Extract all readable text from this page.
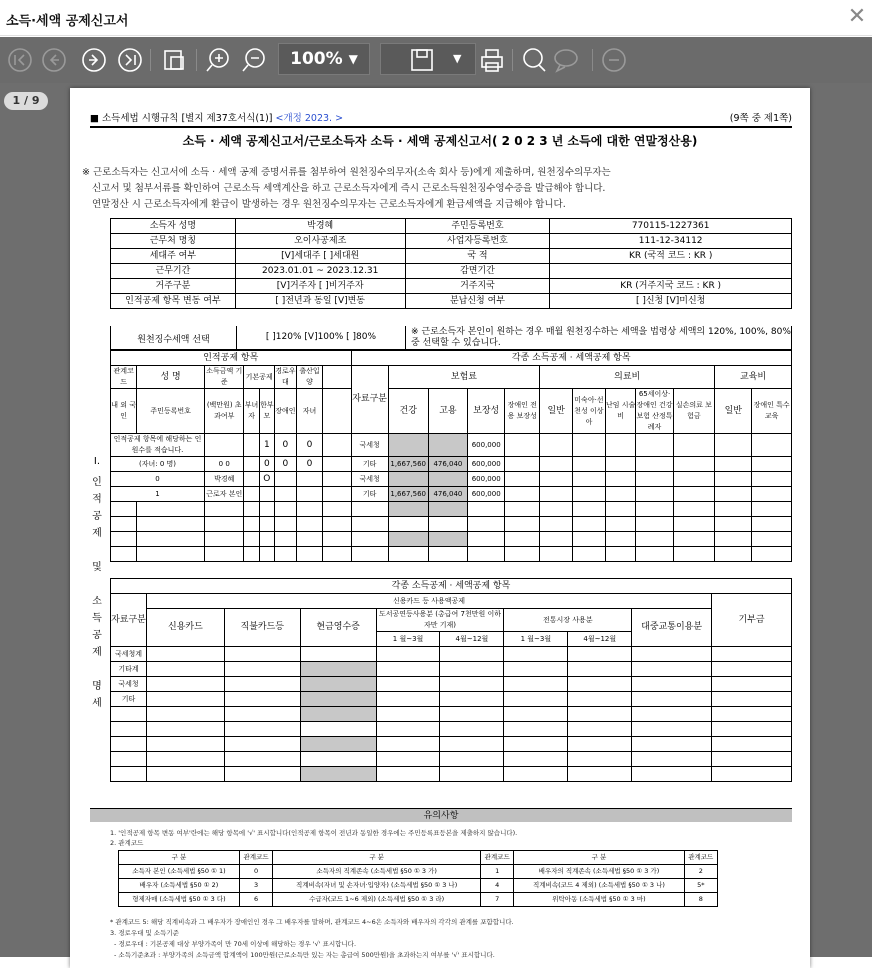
소득·세액 공제신고서	✕
100% ▼	▼
1 / 9
■ 소득세법 시행규칙 [별지 제37호서식(1)] <개정 2023. >	(9쪽 중 제1쪽)
소득 · 세액 공제신고서/근로소득자 소득 · 세액 공제신고서( 2 0 2 3 년 소득에 대한 연말정산용)
※ 근로소득자는 신고서에 소득 · 세액 공제 증명서류를 첨부하여 원천징수의무자(소속 회사 등)에게 제출하며, 원천징수의무자는
신고서 및 첨부서류를 확인하여 근로소득 세액계산을 하고 근로소득자에게 즉시 근로소득원천징수영수증을 발급해야 합니다.
연말정산 시 근로소득자에게 환급이 발생하는 경우 원천징수의무자는 근로소득자에게 환급세액을 지급해야 합니다.
소득자 성명	박경혜	주민등록번호	770115-1227361
근무처 명칭	오이사공제조	사업자등록번호	111-12-34112
세대주 여부	[V]세대주 [ ]세대원	국 적	KR (국적 코드 : KR )
근무기간	2023.01.01 ~ 2023.12.31	감면기간	
거주구분	[V]거주자 [ ]비거주자	거주지국	KR (거주지국 코드 : KR )
인적공제 항목 변동 여부	[ ]전년과 동일 [V]변동	분납신청 여부	[ ]신청 [V]미신청
원천징수세액 선택	[ ]120% [V]100% [ ]80%	※ 근로소득자 본인이 원하는 경우 매월 원천징수하는 세액을 법령상 세액의 120%, 100%, 80% 중 선택할 수 있습니다.
Ⅰ.
인
적
공
제
및
소
득
공
제
명
세
인적공제 항목								각종 소득공제 · 세액공제 항목											
관계코드	성 명	소득금액 기준	기본공제		경로우대	출산입양		자료구분	보험료				의료비					교육비	
내 외 국인	주민등록번호	(백만원) 초과여부	부녀자	한부모	장애인	자녀			건강	고용	보장성	장애인 전용 보장성	일반	미숙아·선천성 이상아	난임 시술비	65세이상· 장애인 건강보험 산정특례자	실손의료 보험금	일반	장애인 특수교육
인적공제 항목에 해당하는 인원수를 적습니다.				1	0	0		국세청			600,000								
(자녀: 0 명)		0 0		0	0	0		기타	1,667,560	476,040	600,000								
0		박경혜		O				국세청			600,000								
1		근로자 본인						기타	1,667,560	476,040	600,000								

각종 소득공제 · 세액공제 항목									
자료구분	신용카드 등 사용액공제								기부금
	신용카드	직불카드등	현금영수증	도서공연등사용분 (총급여 7천만원 이하자만 기재)		전통시장 사용분		대중교통이용분	
				1 월~3월	4월~12월	1 월~3월	4월~12월		
국세청계									
기타계									
국세청									
기타									

유의사항
1. '인적공제 항목 변동 여부'란에는 해당 항목에 '√' 표시합니다(인적공제 항목이 전년과 동일한 경우에는 주민등록표등본을 제출하지 않습니다).
2. 관계코드
구 분	관계코드	구 분	관계코드	구 분	관계코드
소득자 본인 (소득세법 §50 ① 1)	0	소득자의 직계존속 (소득세법 §50 ① 3 가)	1	배우자의 직계존속 (소득세법 §50 ① 3 가)	2
배우자 (소득세법 §50 ① 2)	3	직계비속(자녀 및 손자녀·입양자) (소득세법 §50 ① 3 나)	4	직계비속(코드 4 제외) (소득세법 §50 ① 3 나)	5*
형제자매 (소득세법 §50 ① 3 다)	6	수급자(코드 1~6 제외) (소득세법 §50 ① 3 라)	7	위탁아동 (소득세법 §50 ① 3 마)	8
* 관계코드 5: 해당 직계비속과 그 배우자가 장애인인 경우 그 배우자를 말하며, 관계코드 4~6은 소득자와 배우자의 각각의 관계를 포함합니다.
3. 경로우대 및 소득기준
- 경로우대 : 기본공제 대상 부양가족이 만 70세 이상에 해당하는 경우 '√' 표시합니다.
- 소득기준초과 : 부양가족의 소득금액 합계액이 100만원(근로소득만 있는 자는 총급여 500만원)을 초과하는지 여부를 '√' 표시합니다.
